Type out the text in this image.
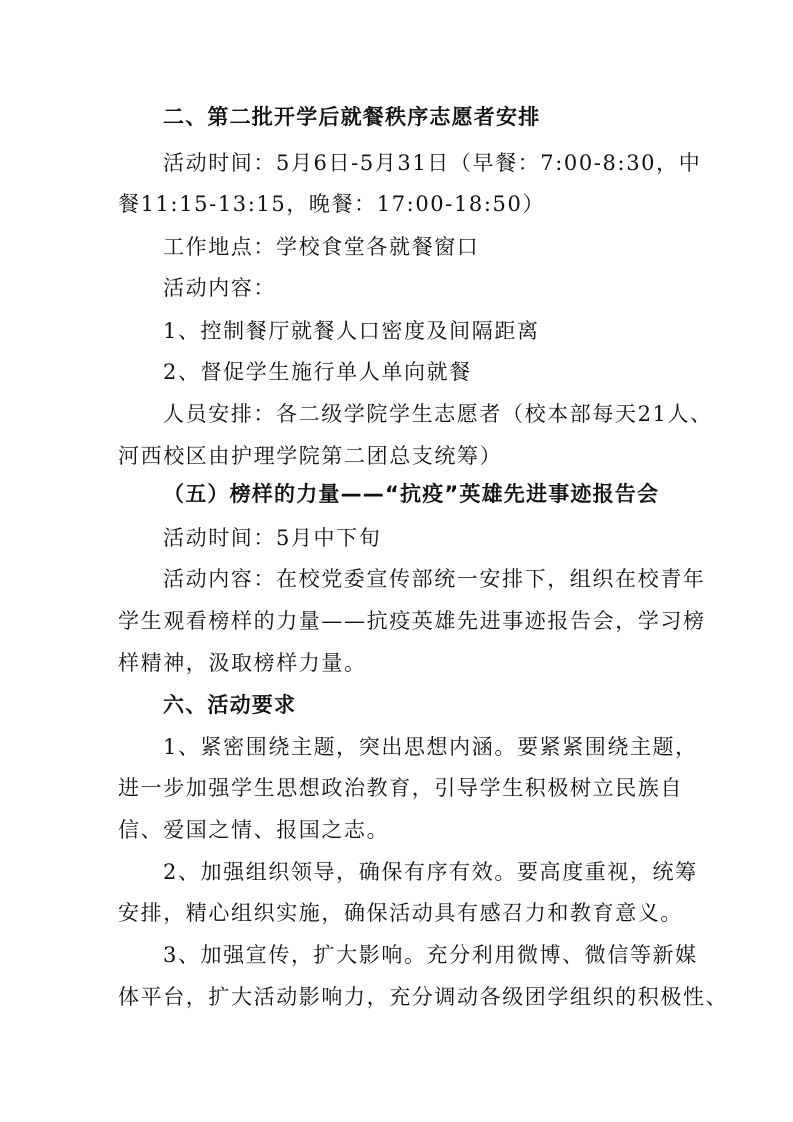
二、第二批开学后就餐秩序志愿者安排
活动时间：5月6日-5月31日（早餐：7:00-8:30，中
餐11:15-13:15，晚餐：17:00-18:50）
工作地点：学校食堂各就餐窗口
活动内容：
1、控制餐厅就餐人口密度及间隔距离
2、督促学生施行单人单向就餐
人员安排：各二级学院学生志愿者（校本部每天21人、
河西校区由护理学院第二团总支统筹）
（五）榜样的力量——“抗疫”英雄先进事迹报告会
活动时间：5月中下旬
活动内容：在校党委宣传部统一安排下，组织在校青年
学生观看榜样的力量——抗疫英雄先进事迹报告会，学习榜
样精神，汲取榜样力量。
六、活动要求
1、紧密围绕主题，突出思想内涵。要紧紧围绕主题，
进一步加强学生思想政治教育，引导学生积极树立民族自
信、爱国之情、报国之志。
2、加强组织领导，确保有序有效。要高度重视，统筹
安排，精心组织实施，确保活动具有感召力和教育意义。
3、加强宣传，扩大影响。充分利用微博、微信等新媒
体平台，扩大活动影响力，充分调动各级团学组织的积极性、
